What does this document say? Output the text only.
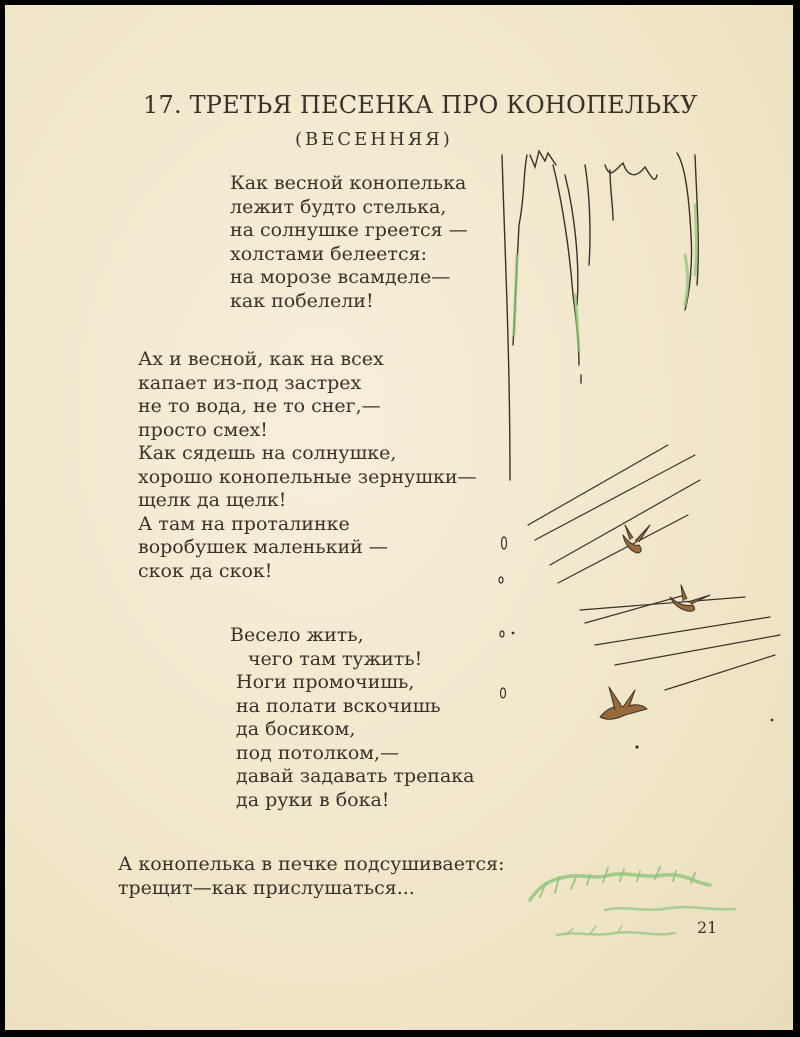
17. ТРЕТЬЯ ПЕСЕНКА ПРО КОНОПЕЛЬКУ
(ВЕСЕННЯЯ)
Как весной конопелька
лежит будто стелька,
на солнушке греется —
холстами белеется:
на морозе всамделе—
как побелели!
Ах и весной, как на всех
капает из-под застрех
не то вода, не то снег,—
просто смех!
Как сядешь на солнушке,
хорошо конопельные зернушки—
щелк да щелк!
А там на проталинке
воробушек маленький —
скок да скок!
Весело жить,
чего там тужить!
Ноги промочишь,
на полати вскочишь
да босиком,
под потолком,—
давай задавать трепака
да руки в бока!
А конопелька в печке подсушивается:
трещит—как прислушаться...
21
